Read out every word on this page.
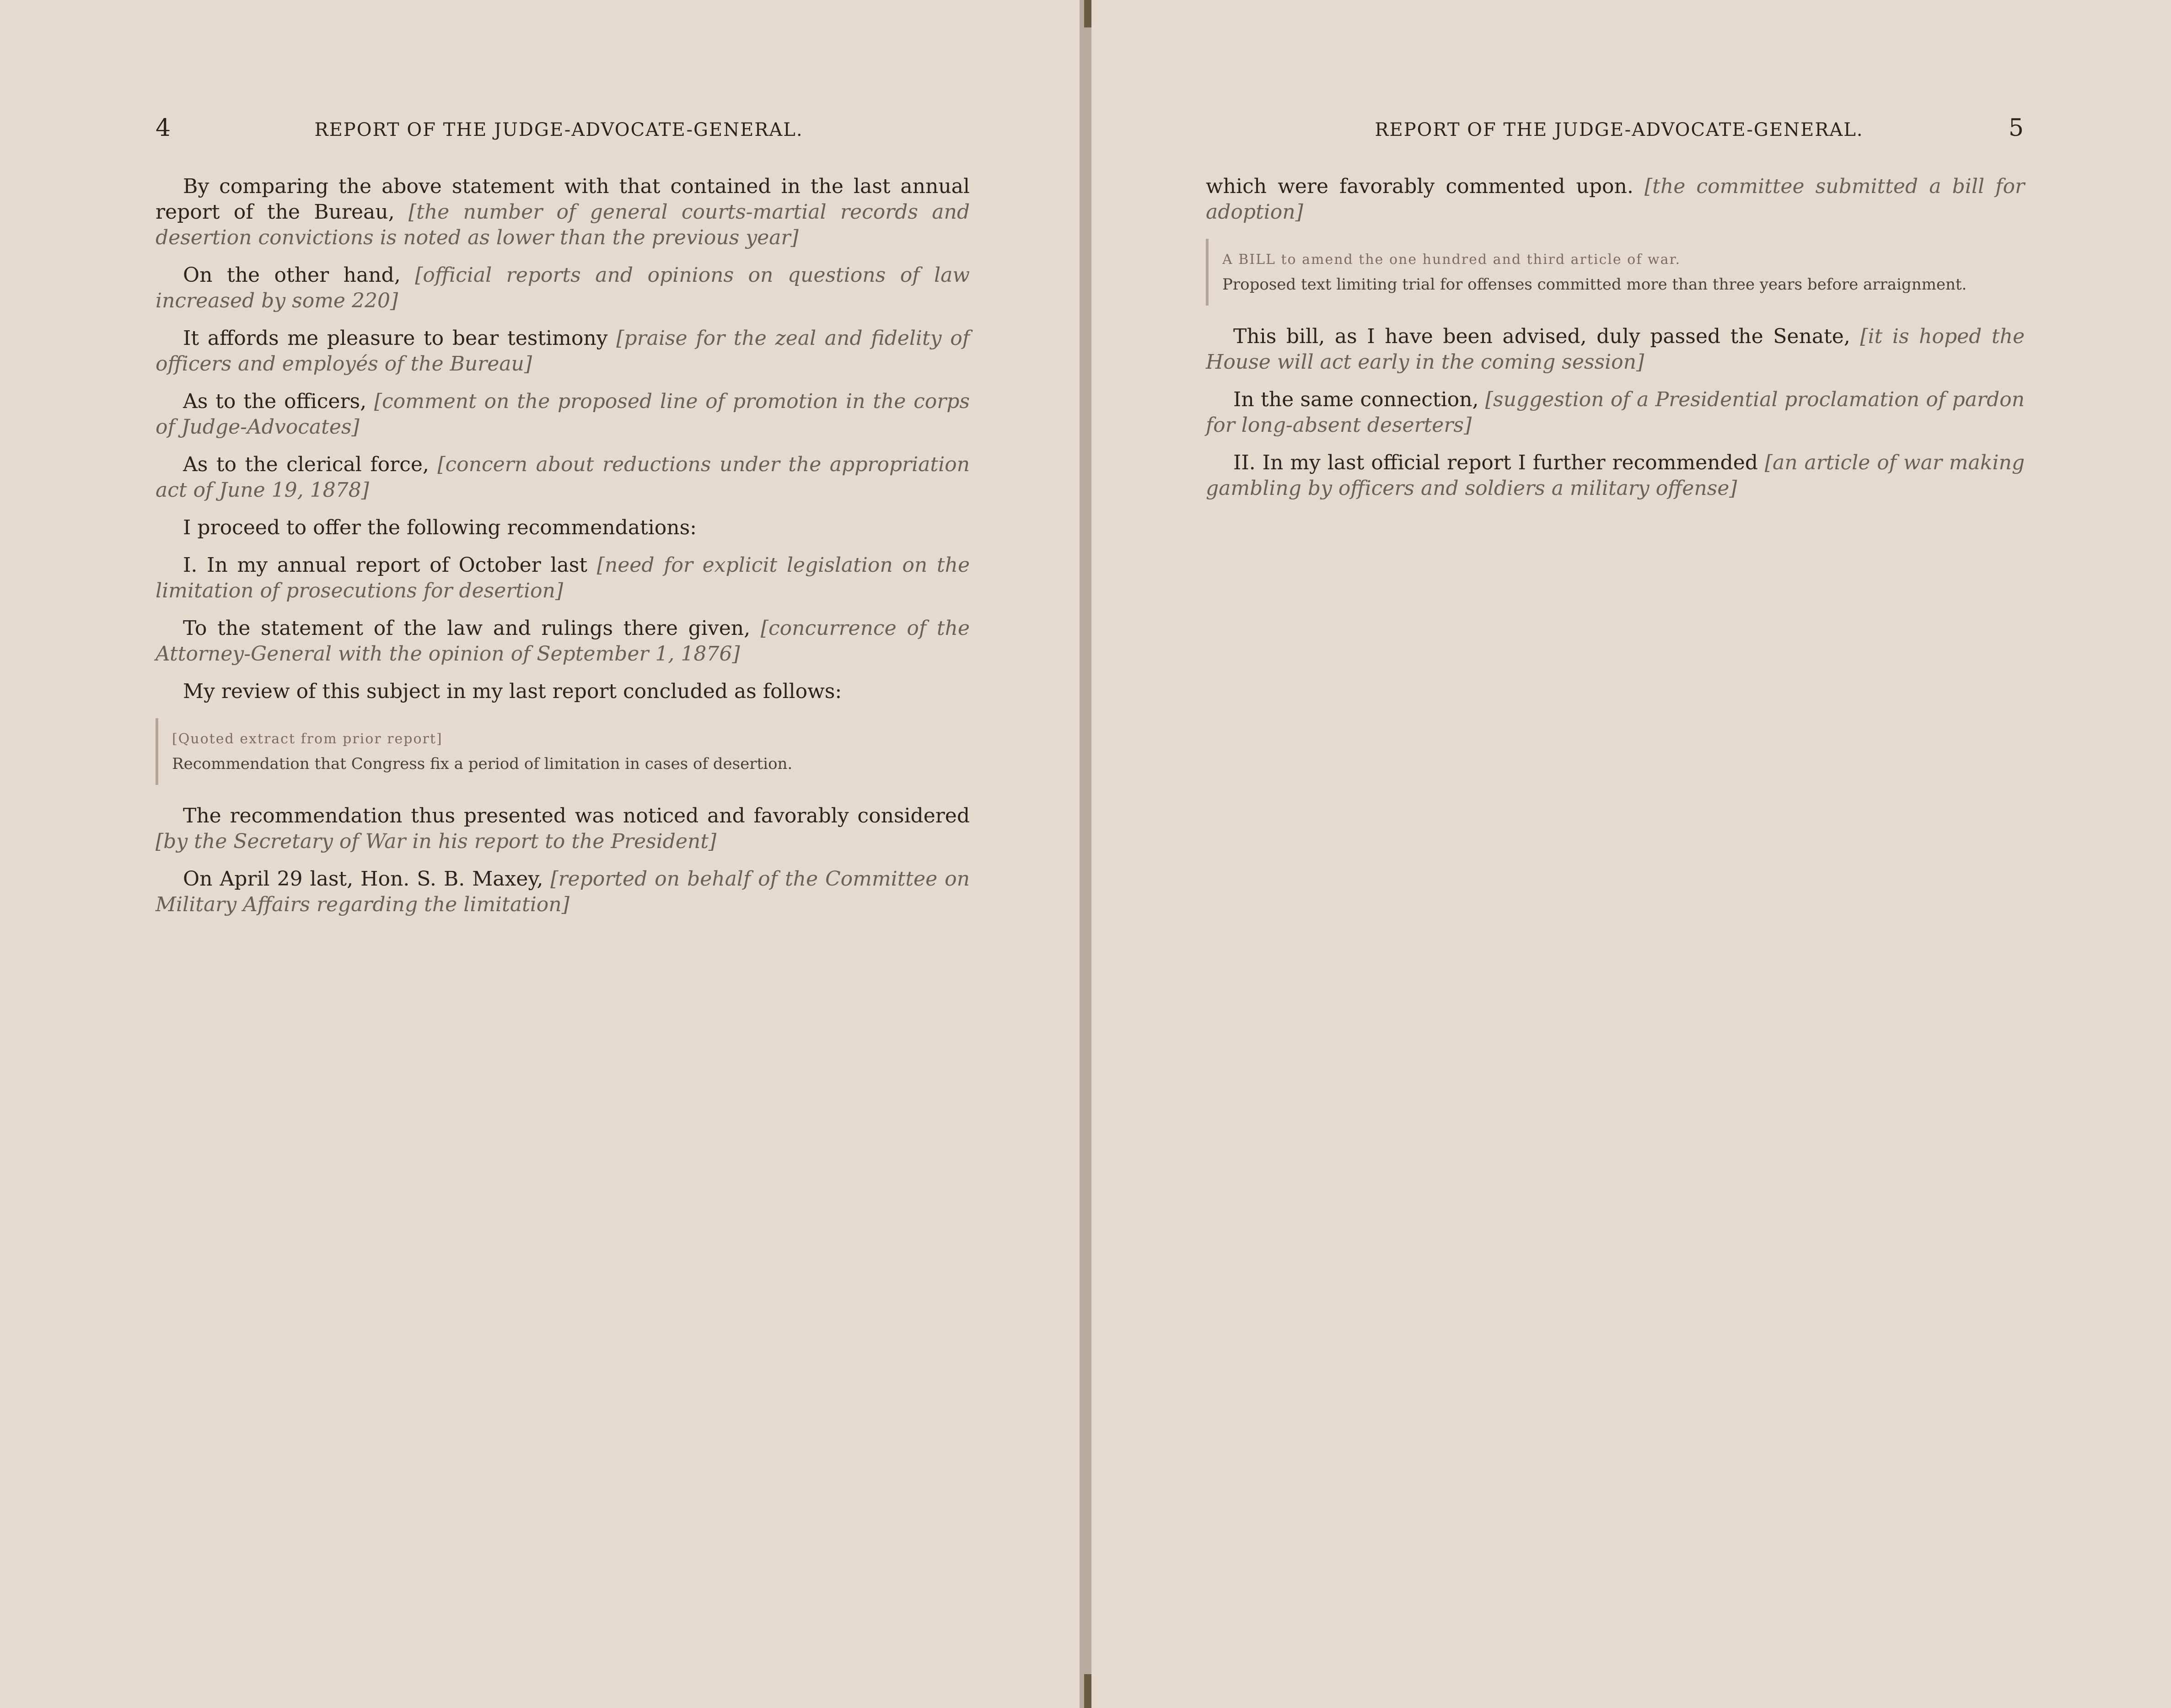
4	REPORT OF THE JUDGE-ADVOCATE-GENERAL.

By comparing the above statement with that contained in the last annual report of the Bureau, [the number of general courts-martial records and desertion convictions is noted as lower than the previous year]

On the other hand, [official reports and opinions on questions of law increased by some 220]

It affords me pleasure to bear testimony [praise for the zeal and fidelity of officers and employés of the Bureau]

As to the officers, [comment on the proposed line of promotion in the corps of Judge-Advocates]

As to the clerical force, [concern about reductions under the appropriation act of June 19, 1878]

I proceed to offer the following recommendations:

I. In my annual report of October last [need for explicit legislation on the limitation of prosecutions for desertion]

To the statement of the law and rulings there given, [concurrence of the Attorney-General with the opinion of September 1, 1876]

My review of this subject in my last report concluded as follows:

[Quoted extract from prior report]
Recommendation that Congress fix a period of limitation in cases of desertion.

The recommendation thus presented was noticed and favorably considered [by the Secretary of War in his report to the President]

On April 29 last, Hon. S. B. Maxey, [reported on behalf of the Committee on Military Affairs regarding the limitation]

REPORT OF THE JUDGE-ADVOCATE-GENERAL.	5

which were favorably commented upon. [the committee submitted a bill for adoption]

A BILL to amend the one hundred and third article of war.
Proposed text limiting trial for offenses committed more than three years before arraignment.

This bill, as I have been advised, duly passed the Senate, [it is hoped the House will act early in the coming session]

In the same connection, [suggestion of a Presidential proclamation of pardon for long-absent deserters]

II. In my last official report I further recommended [an article of war making gambling by officers and soldiers a military offense]
